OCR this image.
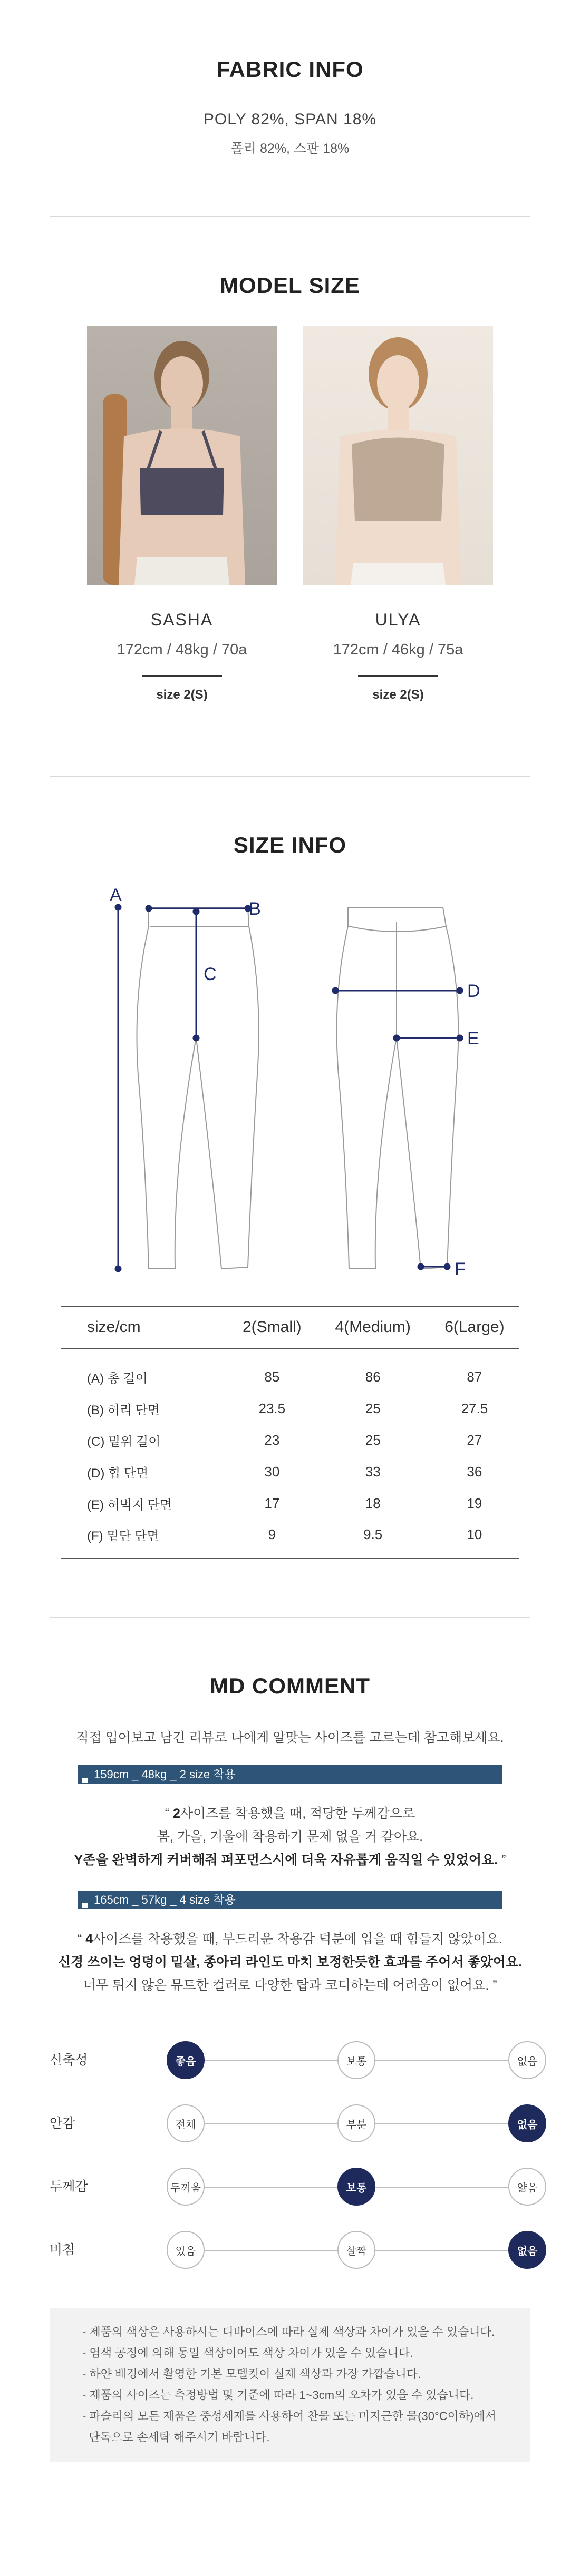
FABRIC INFO
POLY 82%, SPAN 18%
폴리 82%, 스판 18%
MODEL SIZE
SASHA
172cm / 48kg / 70a
size 2(S)
ULYA
172cm / 46kg / 75a
size 2(S)
SIZE INFO
A
B
C
D
E
F
size/cm	2(Small)	4(Medium)	6(Large)
(A) 총 길이	85	86	87
(B) 허리 단면	23.5	25	27.5
(C) 밑위 길이	23	25	27
(D) 힙 단면	30	33	36
(E) 허벅지 단면	17	18	19
(F) 밑단 단면	9	9.5	10
MD COMMENT
직접 입어보고 남긴 리뷰로 나에게 알맞는 사이즈를 고르는데 참고해보세요.
159cm _ 48kg _ 2 size 착용
“ 2사이즈를 착용했을 때, 적당한 두께감으로
봄, 가을, 겨울에 착용하기 문제 없을 거 같아요.
Y존을 완벽하게 커버해줘 퍼포먼스시에 더욱 자유롭게 움직일 수 있었어요. ”
165cm _ 57kg _ 4 size 착용
“ 4사이즈를 착용했을 때, 부드러운 착용감 덕분에 입을 때 힘들지 않았어요.
신경 쓰이는 엉덩이 밑살, 종아리 라인도 마치 보정한듯한 효과를 주어서 좋았어요.
너무 튀지 않은 뮤트한 컬러로 다양한 탑과 코디하는데 어려움이 없어요. ”
신축성	좋음	보통	없음
안감	전체	부분	없음
두께감	두꺼움	보통	얇음
비침	있음	살짝	없음

- 제품의 색상은 사용하시는 디바이스에 따라 실제 색상과 차이가 있을 수 있습니다.

- 염색 공정에 의해 동일 색상이어도 색상 차이가 있을 수 있습니다.

- 하얀 배경에서 촬영한 기본 모델컷이 실제 색상과 가장 가깝습니다.

- 제품의 사이즈는 측정방법 및 기준에 따라 1~3cm의 오차가 있을 수 있습니다.

- 파슬리의 모든 제품은 중성세제를 사용하여 찬물 또는 미지근한 물(30°C이하)에서

단독으로 손세탁 해주시기 바랍니다.
